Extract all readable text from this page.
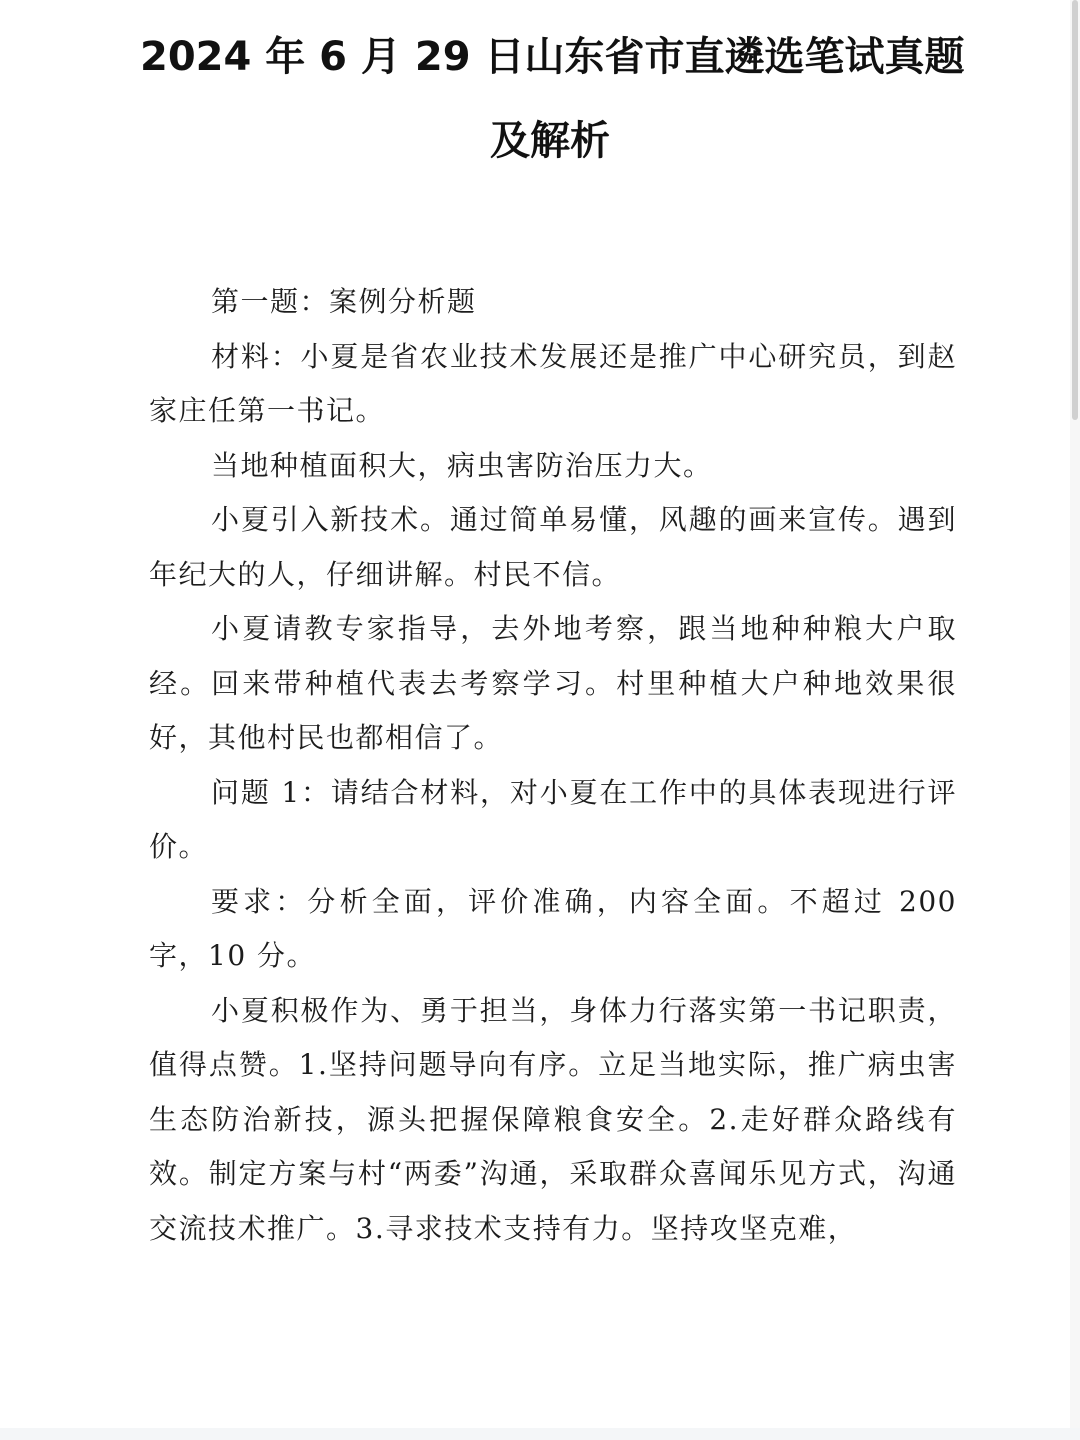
2024 年 6 月 29 日山东省市直遴选笔试真题
及解析

第一题：案例分析题

材料：小夏是省农业技术发展还是推广中心研究员，到赵家庄任第一书记。

当地种植面积大，病虫害防治压力大。

小夏引入新技术。通过简单易懂，风趣的画来宣传。遇到年纪大的人，仔细讲解。村民不信。

小夏请教专家指导，去外地考察，跟当地种种粮大户取经。回来带种植代表去考察学习。村里种植大户种地效果很好，其他村民也都相信了。

问题 1：请结合材料，对小夏在工作中的具体表现进行评价。

要求：分析全面，评价准确，内容全面。不超过 200 字，10 分。

小夏积极作为、勇于担当，身体力行落实第一书记职责，值得点赞。1.坚持问题导向有序。立足当地实际，推广病虫害生态防治新技，源头把握保障粮食安全。2.走好群众路线有效。制定方案与村“两委”沟通，采取群众喜闻乐见方式，沟通交流技术推广。3.寻求技术支持有力。坚持攻坚克难，
